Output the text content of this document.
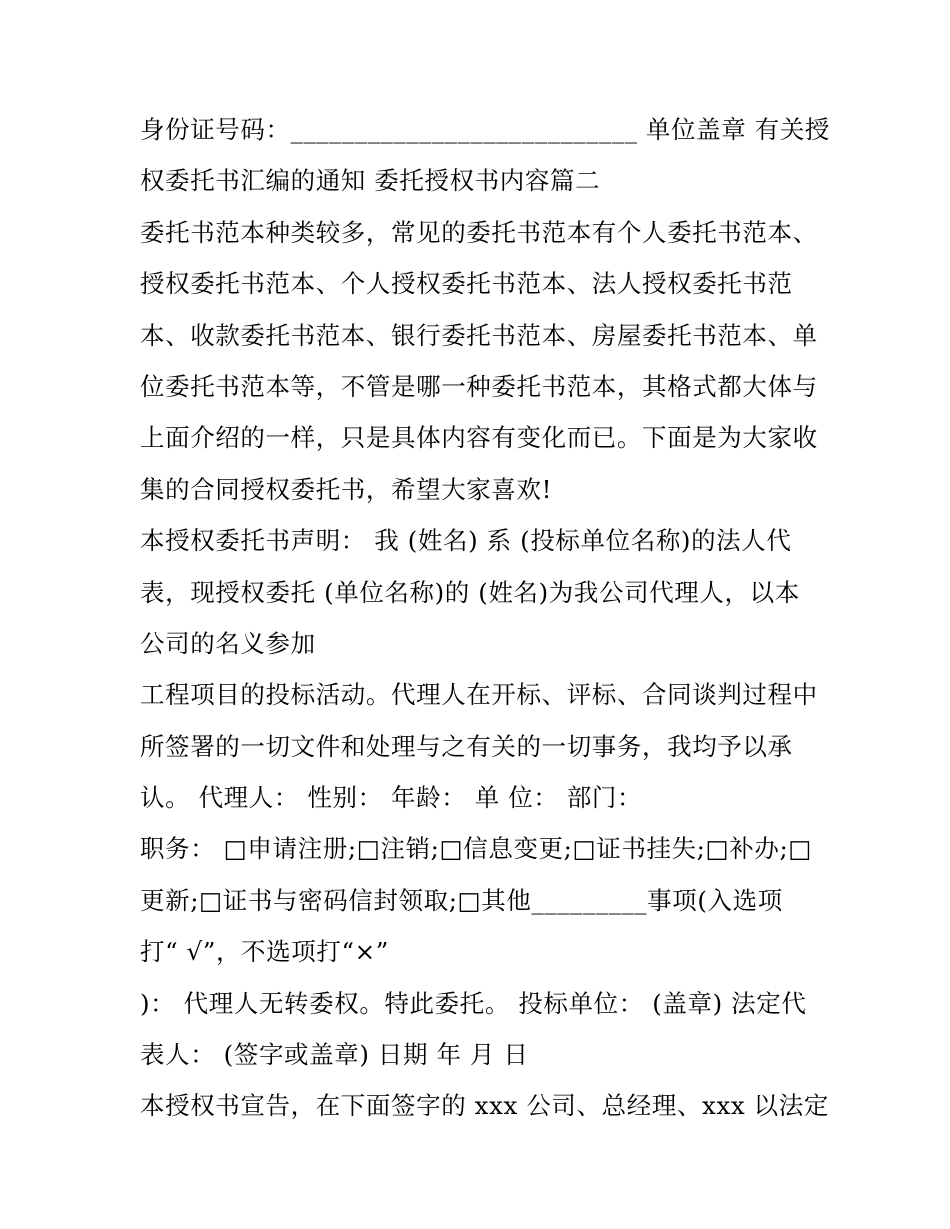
身份证号码：___________________________ 单位盖章 有关授
权委托书汇编的通知 委托授权书内容篇二
委托书范本种类较多，常见的委托书范本有个人委托书范本、
授权委托书范本、个人授权委托书范本、法人授权委托书范
本、收款委托书范本、银行委托书范本、房屋委托书范本、单
位委托书范本等，不管是哪一种委托书范本，其格式都大体与
上面介绍的一样，只是具体内容有变化而已。下面是为大家收
集的合同授权委托书，希望大家喜欢!
本授权委托书声明： 我 (姓名) 系 (投标单位名称)的法人代
表，现授权委托 (单位名称)的 (姓名)为我公司代理人，以本
公司的名义参加
工程项目的投标活动。代理人在开标、评标、合同谈判过程中
所签署的一切文件和处理与之有关的一切事务，我均予以承
认。 代理人： 性别： 年龄： 单 位： 部门：
职务： □申请注册;□注销;□信息变更;□证书挂失;□补办;□
更新;□证书与密码信封领取;□其他_________事项(入选项
打“ √”，不选项打“×”
)： 代理人无转委权。特此委托。 投标单位： (盖章) 法定代
表人： (签字或盖章) 日期 年 月 日
本授权书宣告，在下面签字的 xxx 公司、总经理、xxx 以法定
